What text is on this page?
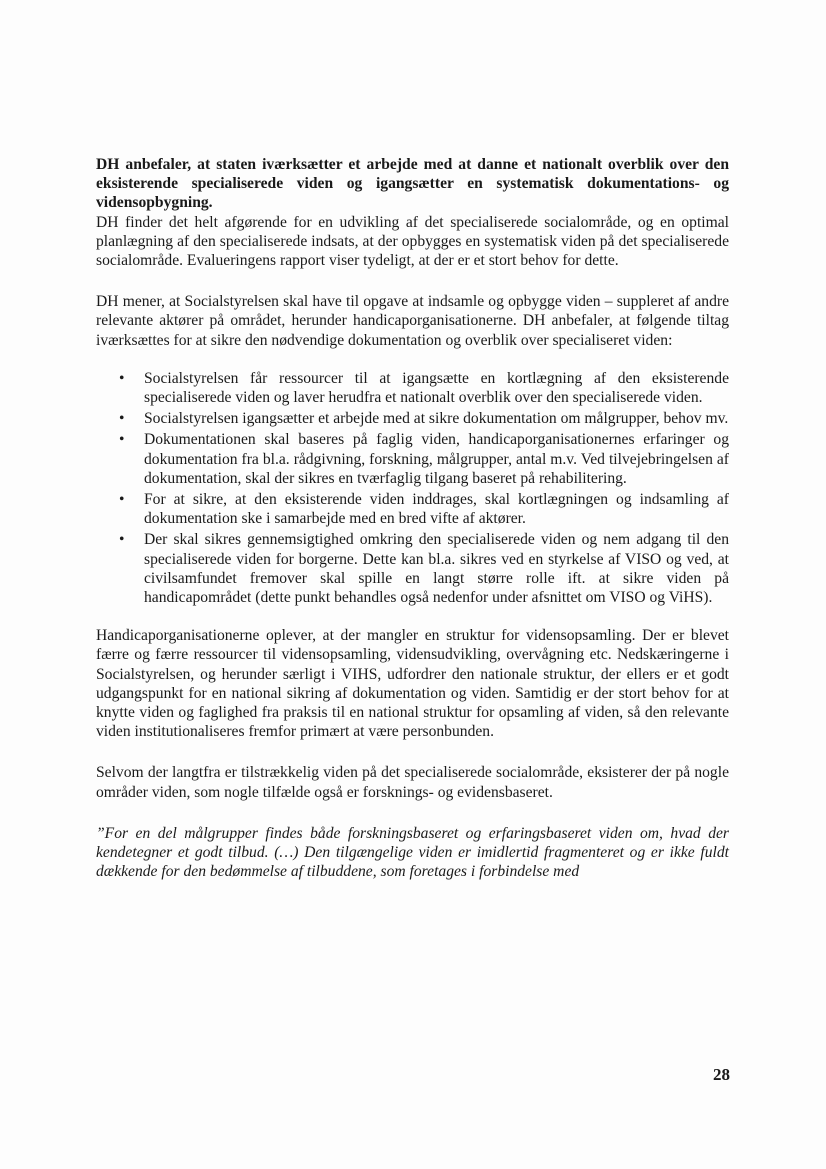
DH anbefaler, at staten iværksætter et arbejde med at danne et nationalt overblik over den eksisterende specialiserede viden og igangsætter en systematisk dokumentations- og vidensopbygning.

DH finder det helt afgørende for en udvikling af det specialiserede socialområde, og en optimal planlægning af den specialiserede indsats, at der opbygges en systematisk viden på det specialiserede socialområde. Evalueringens rapport viser tydeligt, at der er et stort behov for dette.

DH mener, at Socialstyrelsen skal have til opgave at indsamle og opbygge viden – suppleret af andre relevante aktører på området, herunder handicaporganisationerne. DH anbefaler, at følgende tiltag iværksættes for at sikre den nødvendige dokumentation og overblik over specialiseret viden:

• Socialstyrelsen får ressourcer til at igangsætte en kortlægning af den eksisterende specialiserede viden og laver herudfra et nationalt overblik over den specialiserede viden.
• Socialstyrelsen igangsætter et arbejde med at sikre dokumentation om målgrupper, behov mv.
• Dokumentationen skal baseres på faglig viden, handicaporganisationernes erfaringer og dokumentation fra bl.a. rådgivning, forskning, målgrupper, antal m.v. Ved tilvejebringelsen af dokumentation, skal der sikres en tværfaglig tilgang baseret på rehabilitering.
• For at sikre, at den eksisterende viden inddrages, skal kortlægningen og indsamling af dokumentation ske i samarbejde med en bred vifte af aktører.
• Der skal sikres gennemsigtighed omkring den specialiserede viden og nem adgang til den specialiserede viden for borgerne. Dette kan bl.a. sikres ved en styrkelse af VISO og ved, at civilsamfundet fremover skal spille en langt større rolle ift. at sikre viden på handicapområdet (dette punkt behandles også nedenfor under afsnittet om VISO og ViHS).

Handicaporganisationerne oplever, at der mangler en struktur for vidensopsamling. Der er blevet færre og færre ressourcer til vidensopsamling, vidensudvikling, overvågning etc. Nedskæringerne i Socialstyrelsen, og herunder særligt i VIHS, udfordrer den nationale struktur, der ellers er et godt udgangspunkt for en national sikring af dokumentation og viden. Samtidig er der stort behov for at knytte viden og faglighed fra praksis til en national struktur for opsamling af viden, så den relevante viden institutionaliseres fremfor primært at være personbunden.

Selvom der langtfra er tilstrækkelig viden på det specialiserede socialområde, eksisterer der på nogle områder viden, som nogle tilfælde også er forsknings- og evidensbaseret.

”For en del målgrupper findes både forskningsbaseret og erfaringsbaseret viden om, hvad der kendetegner et godt tilbud. (…) Den tilgængelige viden er imidlertid fragmenteret og er ikke fuldt dækkende for den bedømmelse af tilbuddene, som foretages i forbindelse med

28
